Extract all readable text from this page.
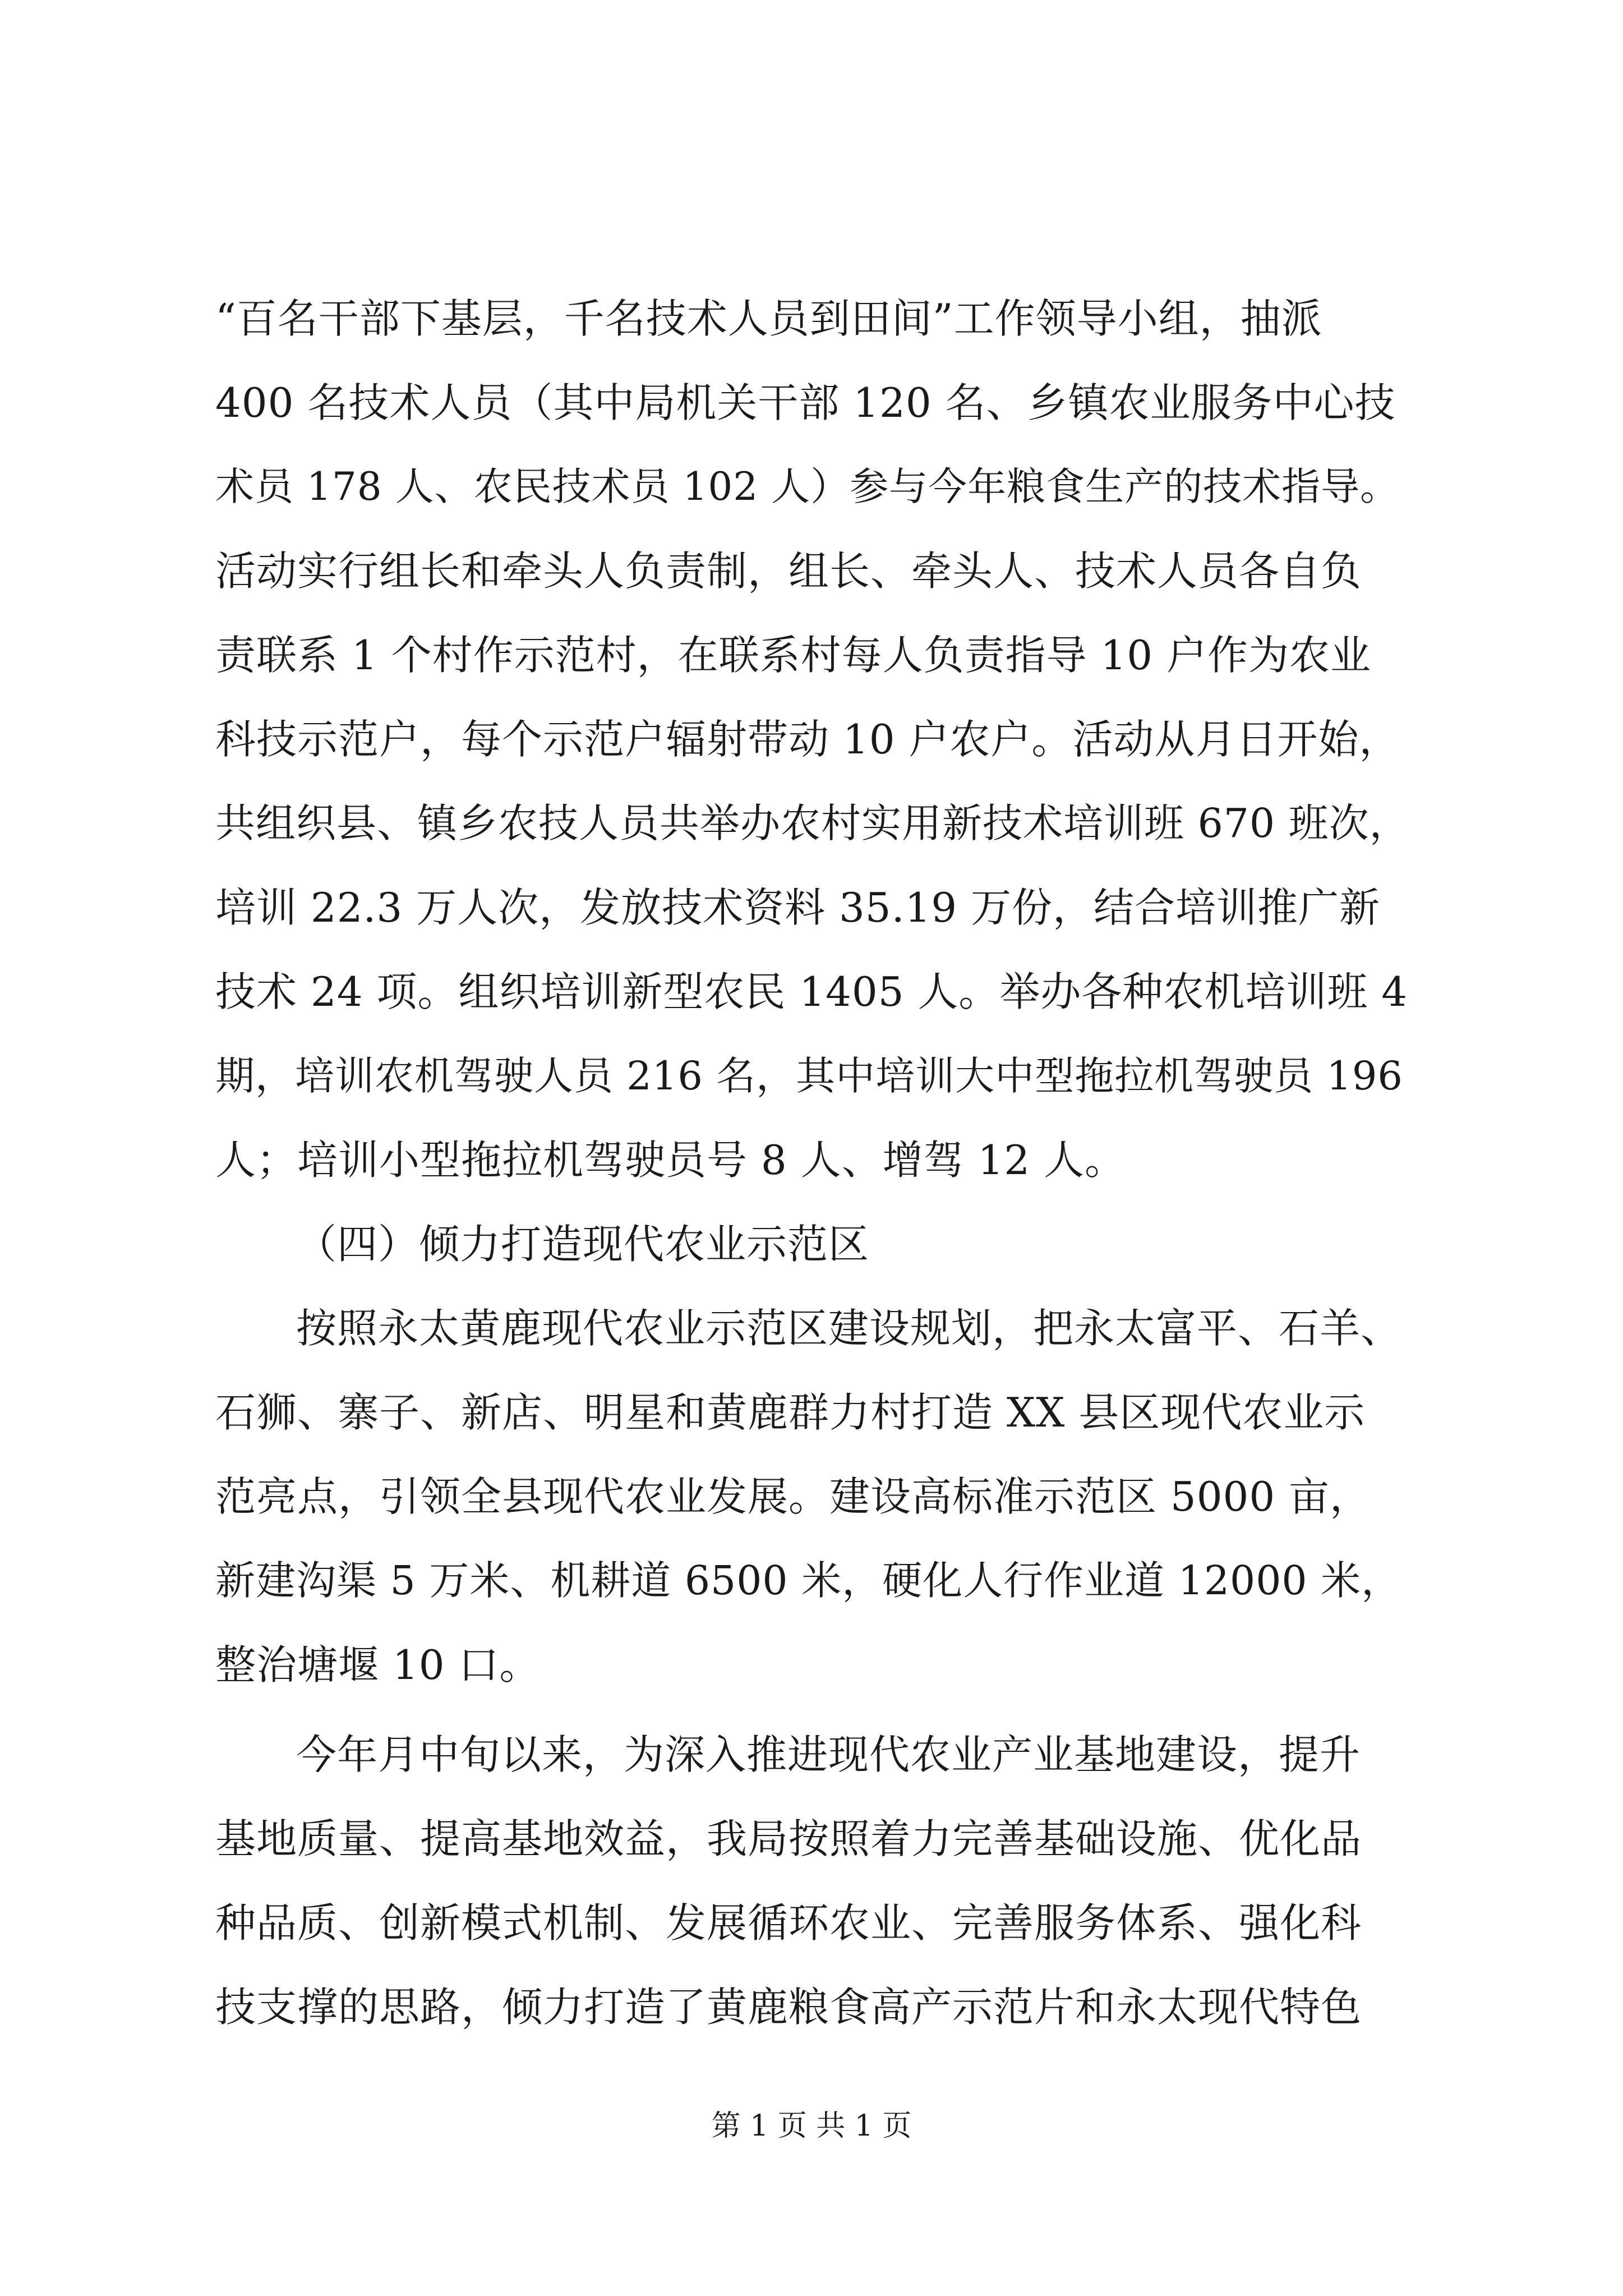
“百名干部下基层，千名技术人员到田间”工作领导小组，抽派
400 名技术人员（其中局机关干部 120 名、乡镇农业服务中心技
术员 178 人、农民技术员 102 人）参与今年粮食生产的技术指导。
活动实行组长和牵头人负责制，组长、牵头人、技术人员各自负
责联系 1 个村作示范村，在联系村每人负责指导 10 户作为农业
科技示范户，每个示范户辐射带动 10 户农户。活动从月日开始，
共组织县、镇乡农技人员共举办农村实用新技术培训班 670 班次，
培训 22.3 万人次，发放技术资料 35.19 万份，结合培训推广新
技术 24 项。组织培训新型农民 1405 人。举办各种农机培训班 4
期，培训农机驾驶人员 216 名，其中培训大中型拖拉机驾驶员 196
人；培训小型拖拉机驾驶员号 8 人、增驾 12 人。
（四）倾力打造现代农业示范区
按照永太黄鹿现代农业示范区建设规划，把永太富平、石羊、
石狮、寨子、新店、明星和黄鹿群力村打造 XX 县区现代农业示
范亮点，引领全县现代农业发展。建设高标准示范区 5000 亩，
新建沟渠 5 万米、机耕道 6500 米，硬化人行作业道 12000 米，
整治塘堰 10 口。
今年月中旬以来，为深入推进现代农业产业基地建设，提升
基地质量、提高基地效益，我局按照着力完善基础设施、优化品
种品质、创新模式机制、发展循环农业、完善服务体系、强化科
技支撑的思路，倾力打造了黄鹿粮食高产示范片和永太现代特色
第 1 页 共 1 页
